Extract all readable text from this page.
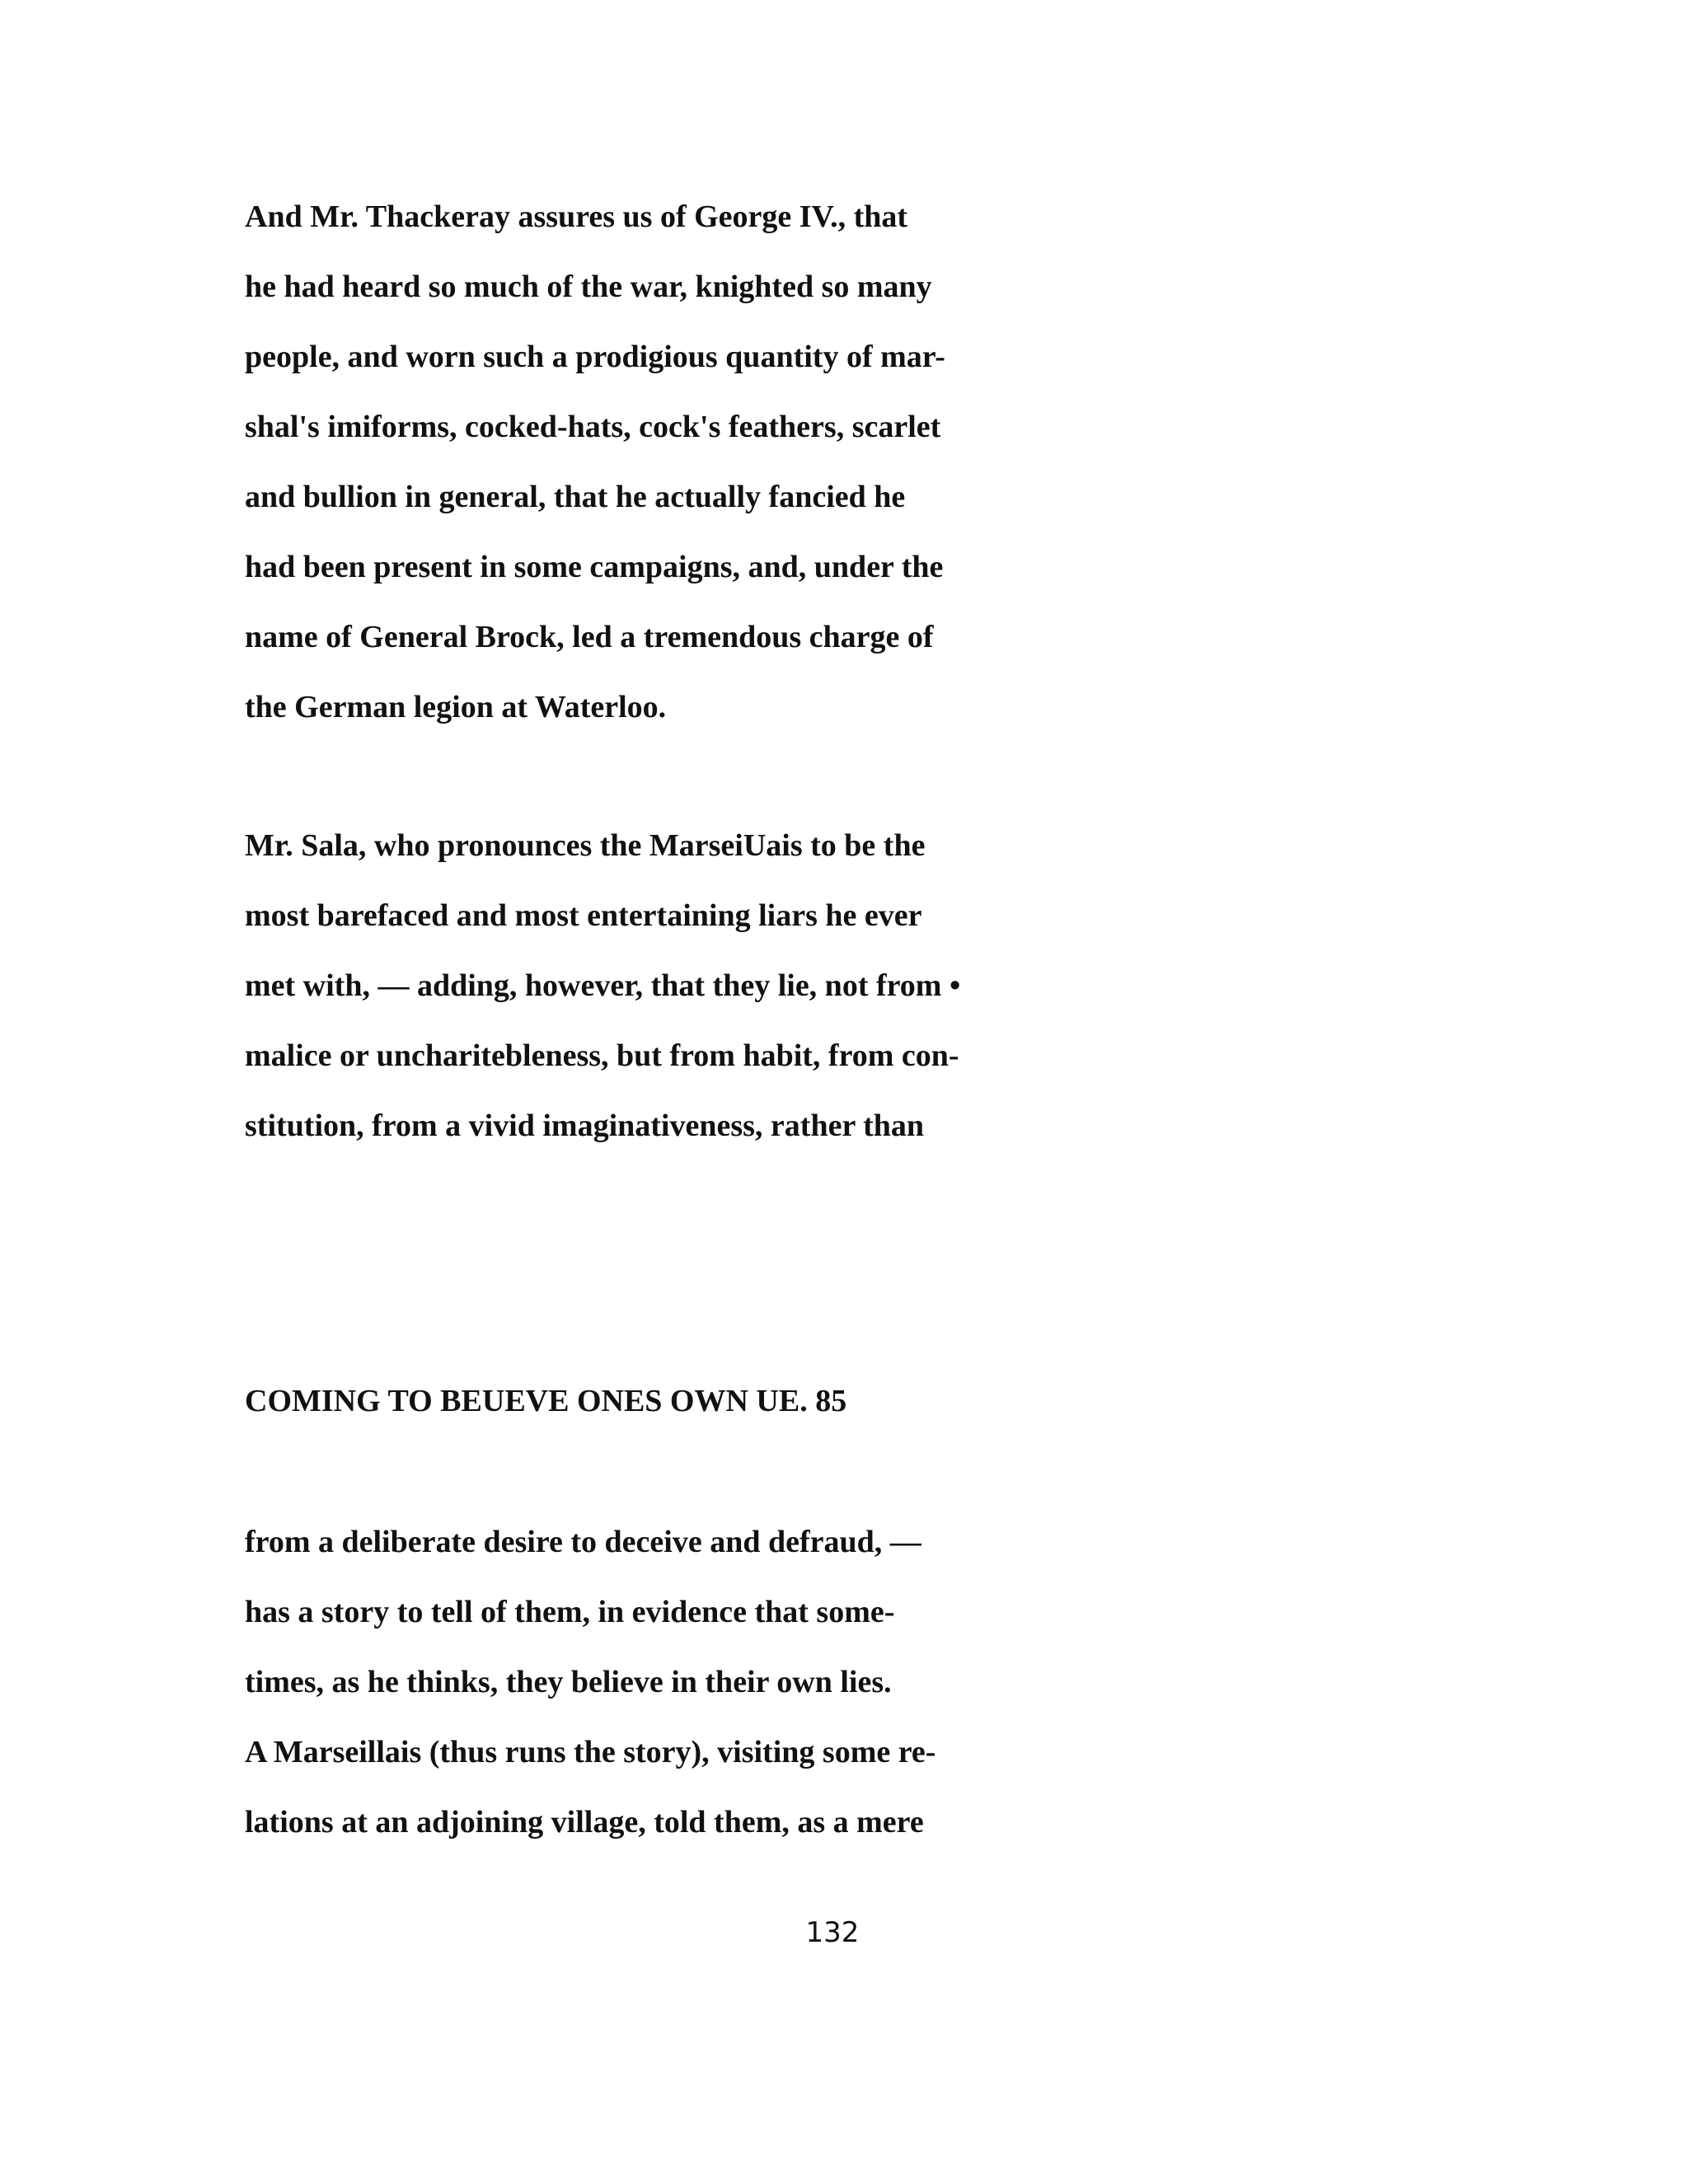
And Mr. Thackeray assures us of George IV., that
he had heard so much of the war, knighted so many
people, and worn such a prodigious quantity of mar-
shal's imiforms, cocked-hats, cock's feathers, scarlet
and bullion in general, that he actually fancied he
had been present in some campaigns, and, under the
name of General Brock, led a tremendous charge of
the German legion at Waterloo.
Mr. Sala, who pronounces the MarseiUais to be the
most barefaced and most entertaining liars he ever
met with, — adding, however, that they lie, not from •
malice or uncharitebleness, but from habit, from con-
stitution, from a vivid imaginativeness, rather than
COMING TO BEUEVE ONES OWN UE. 85
from a deliberate desire to deceive and defraud, —
has a story to tell of them, in evidence that some-
times, as he thinks, they believe in their own lies.
A Marseillais (thus runs the story), visiting some re-
lations at an adjoining village, told them, as a mere
132
